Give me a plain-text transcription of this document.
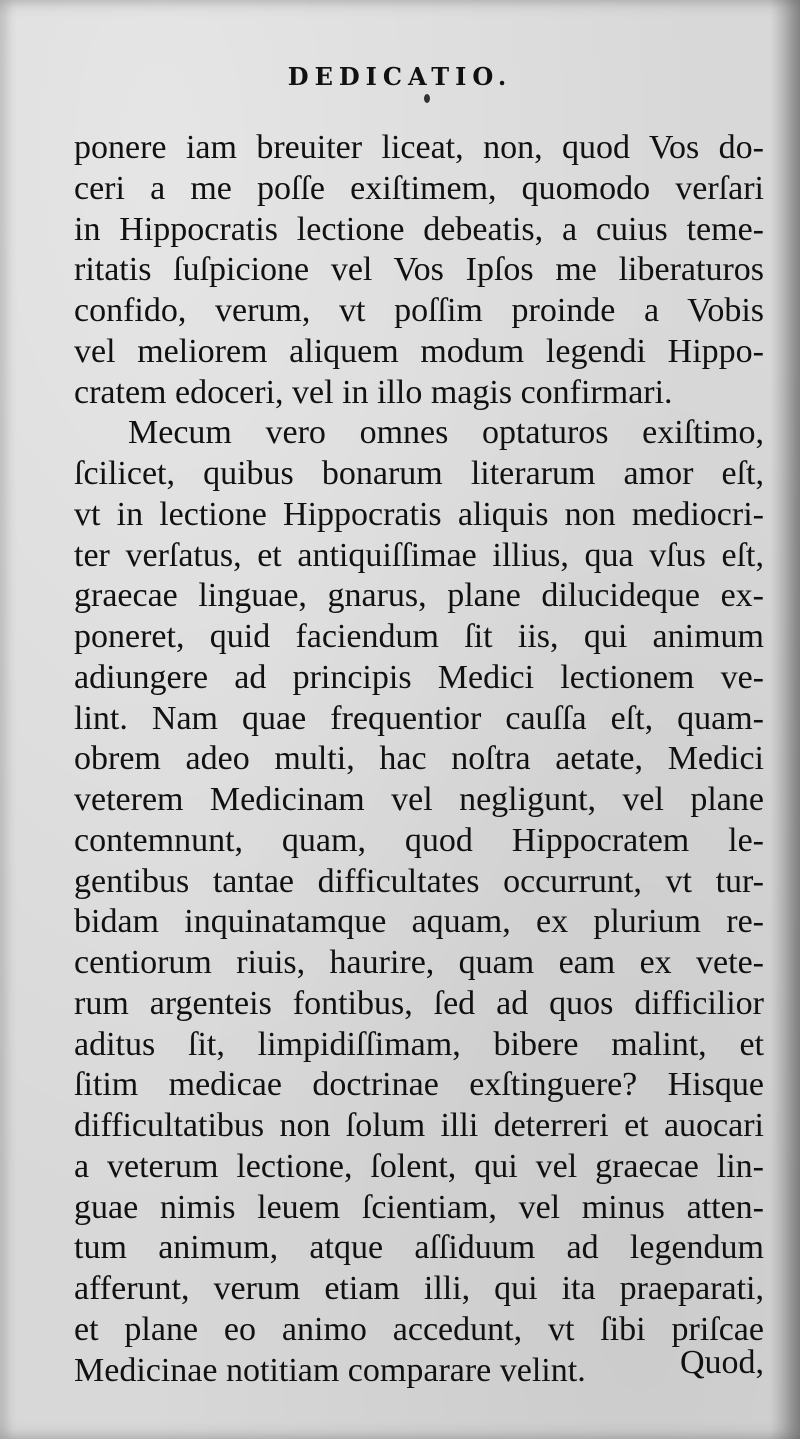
DEDICATIO.
ponere iam breuiter liceat, non, quod Vos do-
ceri a me poſſe exiſtimem, quomodo verſari
in Hippocratis lectione debeatis, a cuius teme-
ritatis ſuſpicione vel Vos Ipſos me liberaturos
confido, verum, vt poſſim proinde a Vobis
vel meliorem aliquem modum legendi Hippo-
cratem edoceri, vel in illo magis confirmari.
Mecum vero omnes optaturos exiſtimo,
ſcilicet, quibus bonarum literarum amor eſt,
vt in lectione Hippocratis aliquis non mediocri-
ter verſatus, et antiquiſſimae illius, qua vſus eſt,
graecae linguae, gnarus, plane dilucideque ex-
poneret, quid faciendum ſit iis, qui animum
adiungere ad principis Medici lectionem ve-
lint. Nam quae frequentior cauſſa eſt, quam-
obrem adeo multi, hac noſtra aetate, Medici
veterem Medicinam vel negligunt, vel plane
contemnunt, quam, quod Hippocratem le-
gentibus tantae difficultates occurrunt, vt tur-
bidam inquinatamque aquam, ex plurium re-
centiorum riuis, haurire, quam eam ex vete-
rum argenteis fontibus, ſed ad quos difficilior
aditus ſit, limpidiſſimam, bibere malint, et
ſitim medicae doctrinae exſtinguere? Hisque
difficultatibus non ſolum illi deterreri et auocari
a veterum lectione, ſolent, qui vel graecae lin-
guae nimis leuem ſcientiam, vel minus atten-
tum animum, atque aſſiduum ad legendum
afferunt, verum etiam illi, qui ita praeparati,
et plane eo animo accedunt, vt ſibi priſcae
Medicinae notitiam comparare velint.	Quod,
